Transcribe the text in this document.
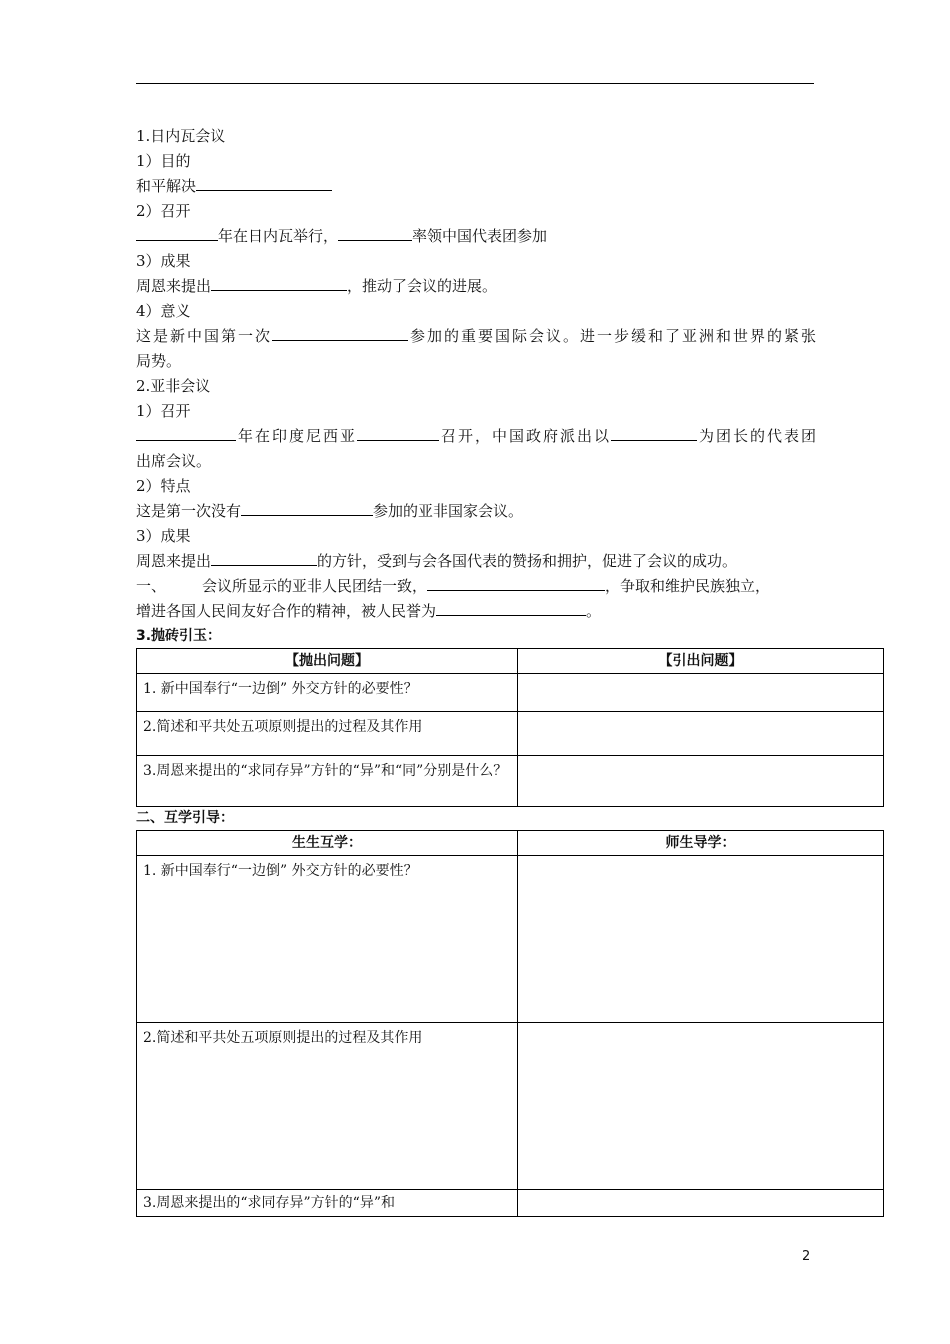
1.日内瓦会议
1）目的
和平解决
2）召开
年在日内瓦举行，	率领中国代表团参加
3）成果
周恩来提出	，推动了会议的进展。
4）意义
这是新中国第一次	参加的重要国际会议。进一步缓和了亚洲和世界的紧张
局势。
2.亚非会议
1）召开
年在印度尼西亚	召开，中国政府派出以	为团长的代表团
出席会议。
2）特点
这是第一次没有	参加的亚非国家会议。
3）成果
周恩来提出	的方针，受到与会各国代表的赞扬和拥护，促进了会议的成功。
一、 会议所显示的亚非人民团结一致，	，争取和维护民族独立，
增进各国人民间友好合作的精神，被人民誉为	。
3.抛砖引玉：
【抛出问题】	【引出问题】

1. 新中国奉行“一边倒” 外交方针的必要性？	

2.简述和平共处五项原则提出的过程及其作用	

3.周恩来提出的“求同存异”方针的“异”和“同”分别是什么？	

二、互学引导：
生生互学：	师生导学：

1. 新中国奉行“一边倒” 外交方针的必要性？	

2.简述和平共处五项原则提出的过程及其作用	

3.周恩来提出的“求同存异”方针的“异”和	

2
